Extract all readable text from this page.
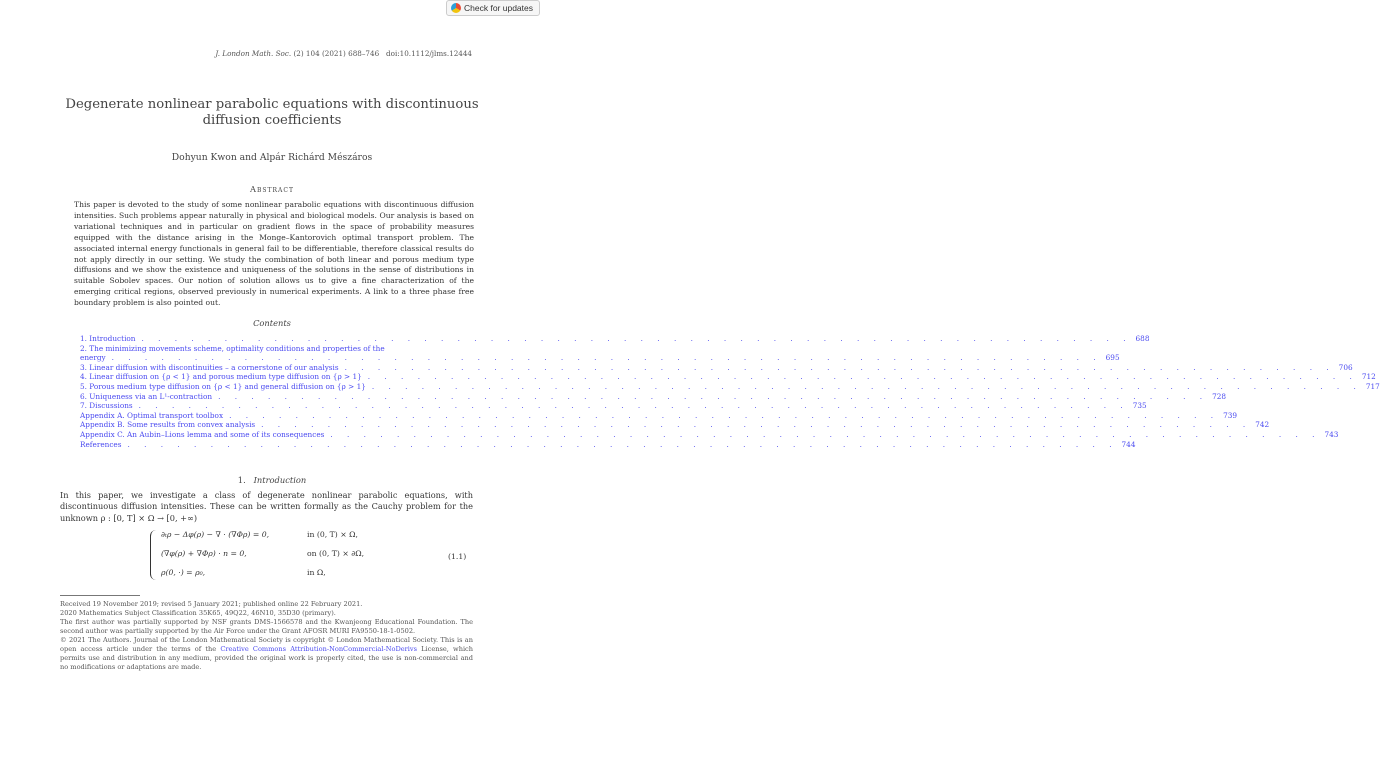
Check for updates
J. London Math. Soc. (2) 104 (2021) 688–746 doi:10.1112/jlms.12444
Degenerate nonlinear parabolic equations with discontinuous
diffusion coefficients
Dohyun Kwon and Alpár Richárd Mészáros
Abstract
This paper is devoted to the study of some nonlinear parabolic equations with discontinuous diffusion intensities. Such problems appear naturally in physical and biological models. Our analysis is based on variational techniques and in particular on gradient flows in the space of probability measures equipped with the distance arising in the Monge–Kantorovich optimal transport problem. The associated internal energy functionals in general fail to be differentiable, therefore classical results do not apply directly in our setting. We study the combination of both linear and porous medium type diffusions and we show the existence and uniqueness of the solutions in the sense of distributions in suitable Sobolev spaces. Our notion of solution allows us to give a fine characterization of the emerging critical regions, observed previously in numerical experiments. A link to a three phase free boundary problem is also pointed out.
Contents
1. Introduction . . . . . . . . . . . . . . . . . . . . . . . . . . . . . . . . . . . . . . . . . . . . . . . . . . . . . . . . . . . . 688
2. The minimizing movements scheme, optimality conditions and properties of the
energy . . . . . . . . . . . . . . . . . . . . . . . . . . . . . . . . . . . . . . . . . . . . . . . . . . . . . . . . . . . . 695
3. Linear diffusion with discontinuities – a cornerstone of our analysis . . . . . . . . . . . . . . . . . . . . . . . . . . . . . . . . . . . . . . . . . . . . . . . . . . . . . . . . . . . . 706
4. Linear diffusion on {ρ < 1} and porous medium type diffusion on {ρ > 1} . . . . . . . . . . . . . . . . . . . . . . . . . . . . . . . . . . . . . . . . . . . . . . . . . . . . . . . . . . . . 712
5. Porous medium type diffusion on {ρ < 1} and general diffusion on {ρ > 1} . . . . . . . . . . . . . . . . . . . . . . . . . . . . . . . . . . . . . . . . . . . . . . . . . . . . . . . . . . . . 717
6. Uniqueness via an L¹-contraction . . . . . . . . . . . . . . . . . . . . . . . . . . . . . . . . . . . . . . . . . . . . . . . . . . . . . . . . . . . . 728
7. Discussions . . . . . . . . . . . . . . . . . . . . . . . . . . . . . . . . . . . . . . . . . . . . . . . . . . . . . . . . . . . . 735
Appendix A. Optimal transport toolbox . . . . . . . . . . . . . . . . . . . . . . . . . . . . . . . . . . . . . . . . . . . . . . . . . . . . . . . . . . . . 739
Appendix B. Some results from convex analysis . . . . . . . . . . . . . . . . . . . . . . . . . . . . . . . . . . . . . . . . . . . . . . . . . . . . . . . . . . . . 742
Appendix C. An Aubin–Lions lemma and some of its consequences . . . . . . . . . . . . . . . . . . . . . . . . . . . . . . . . . . . . . . . . . . . . . . . . . . . . . . . . . . . . 743
References . . . . . . . . . . . . . . . . . . . . . . . . . . . . . . . . . . . . . . . . . . . . . . . . . . . . . . . . . . . . 744
1. Introduction
In this paper, we investigate a class of degenerate nonlinear parabolic equations, with discontinuous diffusion intensities. These can be written formally as the Cauchy problem for the unknown ρ : [0, T] × Ω → [0, +∞)
∂ₜρ − Δφ(ρ) − ∇ · (∇Φρ) = 0,	in (0, T) × Ω,
(∇φ(ρ) + ∇Φρ) · n = 0,	on (0, T) × ∂Ω,
ρ(0, ·) = ρ₀,	in Ω,
(1.1)

Received 19 November 2019; revised 5 January 2021; published online 22 February 2021.

2020 Mathematics Subject Classification 35K65, 49Q22, 46N10, 35D30 (primary).

The first author was partially supported by NSF grants DMS-1566578 and the Kwanjeong Educational Foundation. The second author was partially supported by the Air Force under the Grant AFOSR MURI FA9550-18-1-0502.

© 2021 The Authors. Journal of the London Mathematical Society is copyright © London Mathematical Society. This is an open access article under the terms of the Creative Commons Attribution-NonCommercial-NoDerivs License, which permits use and distribution in any medium, provided the original work is properly cited, the use is non-commercial and no modifications or adaptations are made.
